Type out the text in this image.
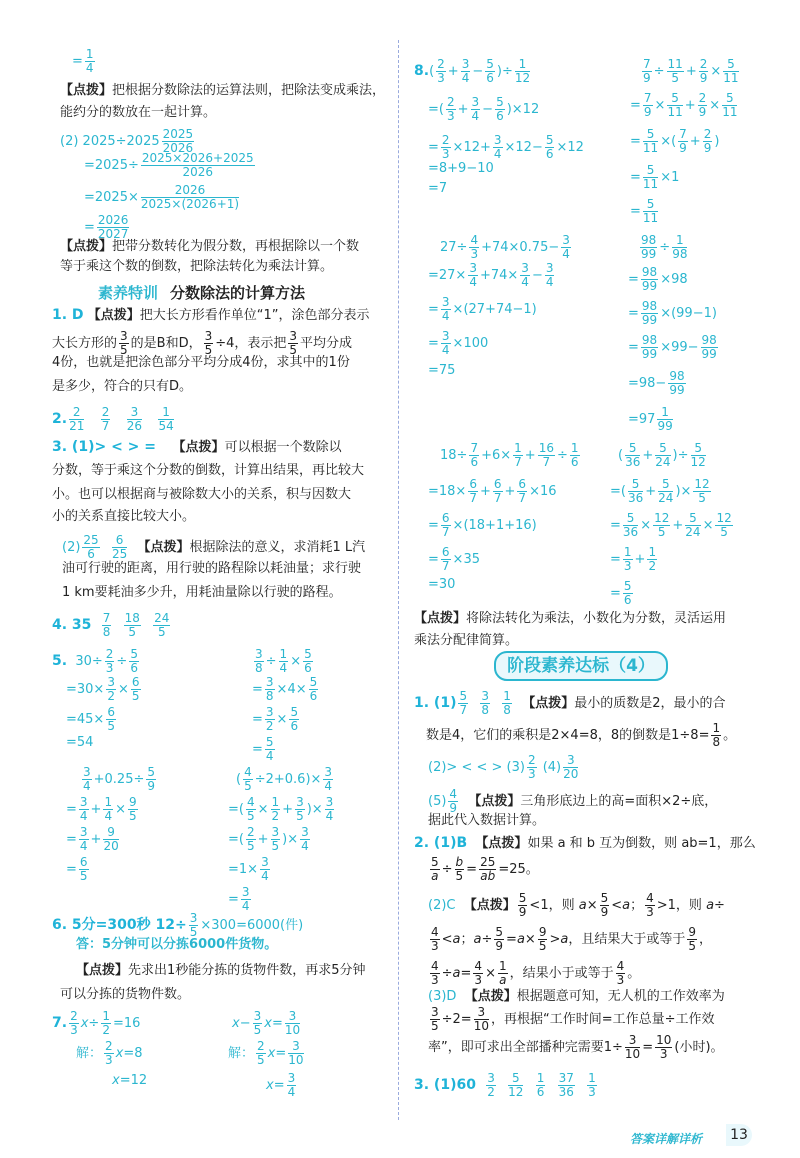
= $\frac{1}{4}$
【点拨】把根据分数除法的运算法则，把除法变成乘法，
能约分的数放在一起计算。
(2) $2025\div 2025 \frac{2025}{2026}$
$=2025\div \frac{2025\times 2026+2025}{2026}$
$=2025\times \frac{2026}{2025\times(2026+1)}$
= $\frac{2026}{2027}$
【点拨】把带分数转化为假分数，再根据除以一个数
等于乘这个数的倒数，把除法转化为乘法计算。
素养特训 分数除法的计算方法
1. D 【点拨】把大长方形看作单位“1”，涂色部分表示
大长方形的 $\frac{3}{5}$ 的是B和D， $\frac{3}{5} \div 4$，表示把 $\frac{3}{5}$ 平均分成
4份，也就是把涂色部分平均分成4份，求其中的1份
是多少，符合的只有D。
2. $\frac{2}{21}$
$\frac{2}{7}$
$\frac{3}{26}$
$\frac{1}{54}$
3. (1)> < > = 【点拨】可以根据一个数除以
分数，等于乘这个分数的倒数，计算出结果，再比较大
小。也可以根据商与被除数大小的关系，积与因数大
小的关系直接比较大小。
$(2) \frac{25}{6}$
$\frac{6}{25}$ 【点拨】根据除法的意义，求消耗1 L汽
油可行驶的距离，用行驶的路程除以耗油量；求行驶
1 km要耗油多少升，用耗油量除以行驶的路程。
4. $35 \frac{7}{8}$
$\frac{18}{5}$
$\frac{24}{5}$
5. $30\div \frac{2}{3} \div \frac{5}{6}$
$=30\times \frac{3}{2} \times \frac{6}{5}$
$=45\times \frac{6}{5}$
=54
$\frac{3}{8} \div \frac{1}{4} \times \frac{5}{6}$
= $\frac{3}{8} \times 4\times \frac{5}{6}$
= $\frac{3}{2} \times \frac{5}{6}$
= $\frac{5}{4}$
$\frac{3}{4} +0.25\div \frac{5}{9}$
= $\frac{3}{4} + \frac{1}{4} \times \frac{9}{5}$
= $\frac{3}{4} + \frac{9}{20}$
= $\frac{6}{5}$
( $\frac{4}{5} \div 2+0.6)\times \frac{3}{4}$
=( $\frac{4}{5} \times \frac{1}{2} + \frac{3}{5}$ )× $\frac{3}{4}$
=( $\frac{2}{5} + \frac{3}{5}$ )× $\frac{3}{4}$
$=1\times \frac{3}{4}$
= $\frac{3}{4}$
6. 5分=300秒 $12\div \frac{3}{5} \times 300=6000$(件)
答：5分钟可以分拣6000件货物。
【点拨】先求出1秒能分拣的货物件数，再求5分钟
可以分拣的货物件数。
7. $\frac{2}{3} x\div \frac{1}{2} =16$
解： $\frac{2}{3} x=8$
x=12
$x- \frac{3}{5} x= \frac{3}{10}$
解： $\frac{2}{5} x= \frac{3}{10}$
$x= \frac{3}{4}$
$8.( \frac{2}{3} + \frac{3}{4} - \frac{5}{6}$ )÷ $\frac{1}{12}$
=( $\frac{2}{3} + \frac{3}{4} - \frac{5}{6} )\times 12$
= $\frac{2}{3} \times 12+ \frac{3}{4} \times 12- \frac{5}{6} \times 12$
=8+9−10
=7
$\frac{7}{9} \div \frac{11}{5} + \frac{2}{9} \times \frac{5}{11}$
= $\frac{7}{9} \times \frac{5}{11} + \frac{2}{9} \times \frac{5}{11}$
= $\frac{5}{11}$ ×( $\frac{7}{9} + \frac{2}{9}$ )
= $\frac{5}{11} \times 1$
= $\frac{5}{11}$
$27\div \frac{4}{3} +74\times 0.75- \frac{3}{4}$
$=27\times \frac{3}{4} +74\times \frac{3}{4} - \frac{3}{4}$
= $\frac{3}{4} \times(27+74-1)$
= $\frac{3}{4} \times 100$
=75
$\frac{98}{99} \div \frac{1}{98}$
= $\frac{98}{99} \times 98$
= $\frac{98}{99} \times(99-1)$
= $\frac{98}{99} \times 99- \frac{98}{99}$
$=98- \frac{98}{99}$
$=97 \frac{1}{99}$
$18\div \frac{7}{6} +6\times \frac{1}{7} + \frac{16}{7} \div \frac{1}{6}$
$=18\times \frac{6}{7} + \frac{6}{7} + \frac{6}{7} \times 16$
= $\frac{6}{7} \times(18+1+16)$
= $\frac{6}{7} \times 35$
=30
( $\frac{5}{36} + \frac{5}{24}$ )÷ $\frac{5}{12}$
=( $\frac{5}{36} + \frac{5}{24}$ )× $\frac{12}{5}$
= $\frac{5}{36} \times \frac{12}{5} + \frac{5}{24} \times \frac{12}{5}$
= $\frac{1}{3} + \frac{1}{2}$
= $\frac{5}{6}$
【点拨】将除法转化为乘法，小数化为分数，灵活运用
乘法分配律简算。
阶段素养达标（4）
1. $(1) \frac{5}{7}$
$\frac{3}{8}$
$\frac{1}{8}$ 【点拨】最小的质数是2，最小的合
数是4，它们的乘积是2×4=8，8的倒数是$1\div 8= \frac{1}{8}$ 。
(2)> < < > $(3) \frac{2}{3} (4) \frac{3}{20}$
$(5) \frac{4}{9}$ 【点拨】三角形底边上的高=面积×2÷底，
据此代入数据计算。
2. (1)B 【点拨】如果 a 和 b 互为倒数，则 ab=1，那么
$\frac{5}{a} \div \frac{b}{5} = \frac{25}{ab} =25$。
(2)C 【点拨】 $\frac{5}{9} <1$，则 $a\times \frac{5}{9} <a$； $\frac{4}{3} >1$，则 a÷
$\frac{4}{3} <a$；$a\div \frac{5}{9} =a\times \frac{9}{5} >a$，且结果大于或等于 $\frac{9}{5}$ ，
$\frac{4}{3} \div a= \frac{4}{3} \times \frac{1}{a}$ ，结果小于或等于 $\frac{4}{3}$ 。
(3)D 【点拨】根据题意可知，无人机的工作效率为
$\frac{3}{5} \div 2= \frac{3}{10}$ ，再根据“工作时间=工作总量÷工作效
率”，即可求出全部播种完需要$1\div \frac{3}{10} = \frac{10}{3}$ (小时)。
3. $(1)60 \frac{3}{2}$
$\frac{5}{12}$
$\frac{1}{6}$
$\frac{37}{36}$
$\frac{1}{3}$
答案详解详析 13
